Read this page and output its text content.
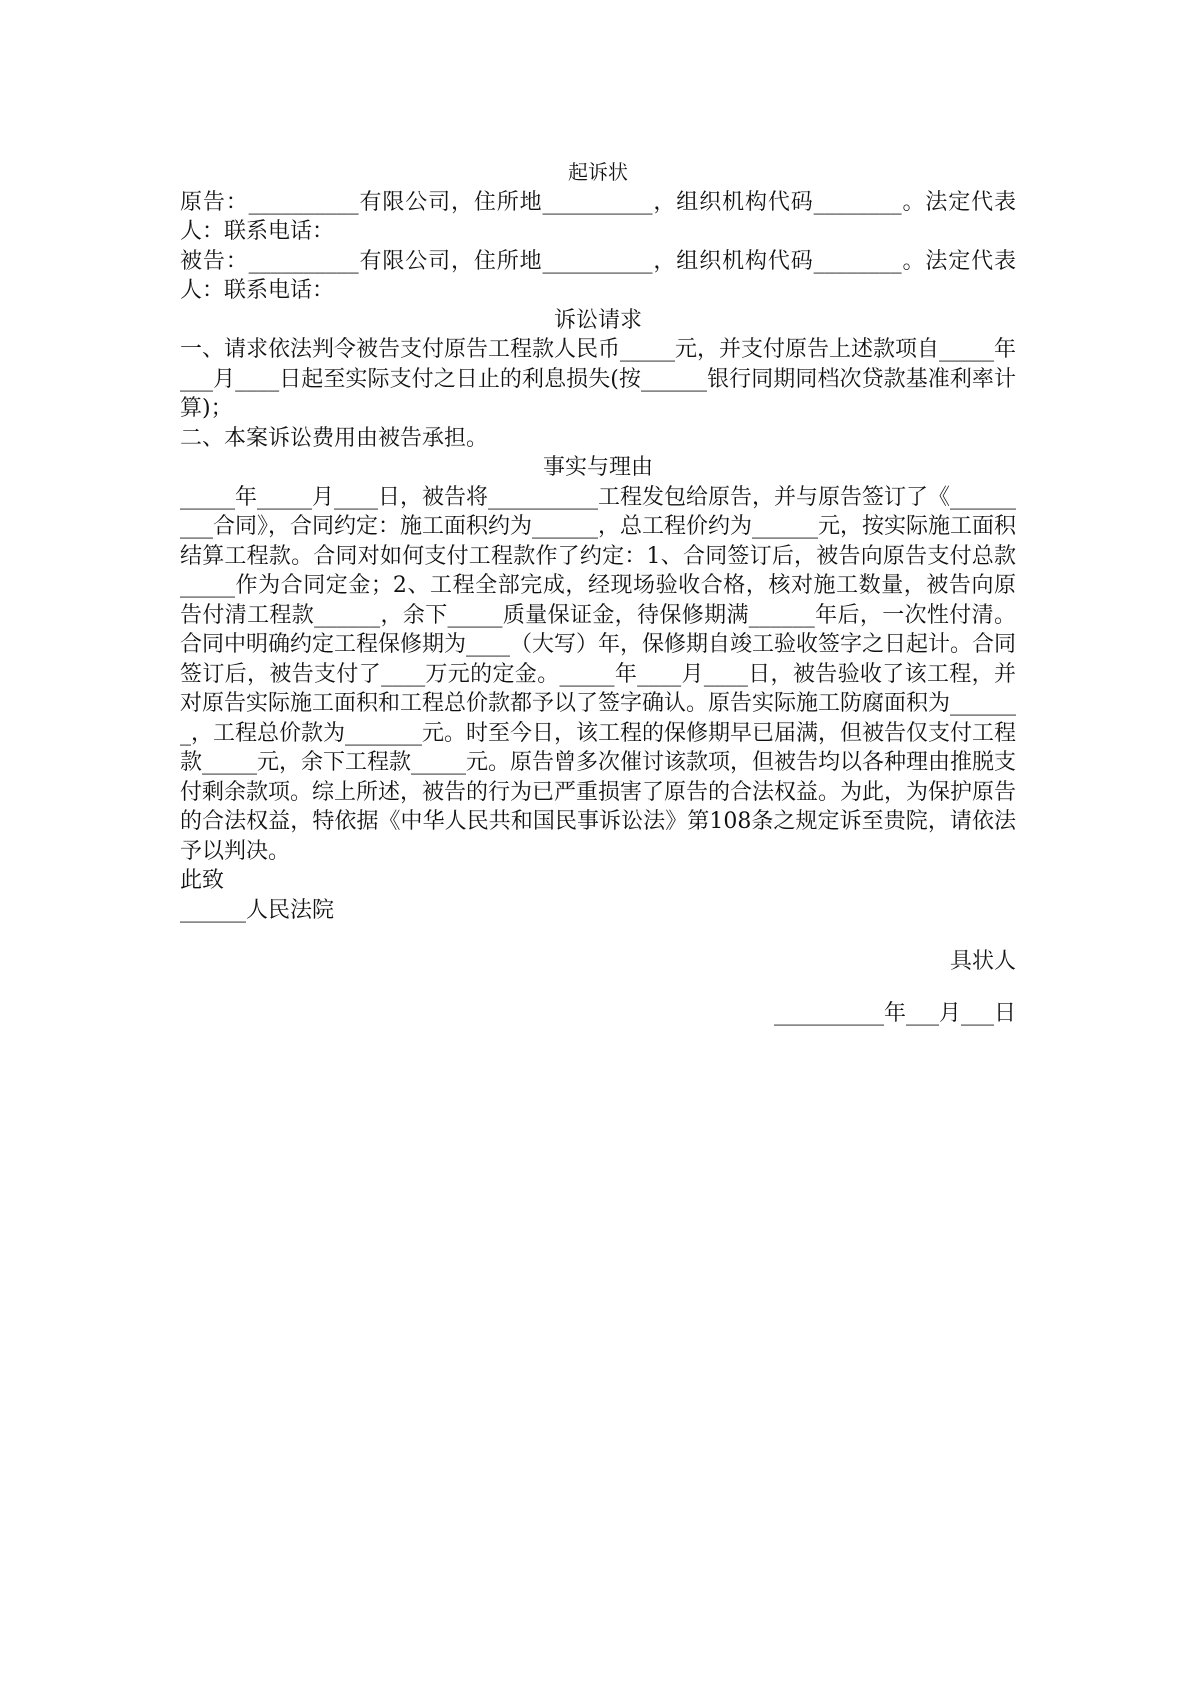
起诉状

原告：__________有限公司，住所地__________，组织机构代码________。法定代表人：联系电话：

被告：__________有限公司，住所地__________，组织机构代码________。法定代表人：联系电话：

诉讼请求

一、请求依法判令被告支付原告工程款人民币_____元，并支付原告上述款项自_____年___月____日起至实际支付之日止的利息损失(按______银行同期同档次贷款基准利率计算)；

二、本案诉讼费用由被告承担。

事实与理由

_____年_____月____日，被告将__________工程发包给原告，并与原告签订了《_________合同》，合同约定：施工面积约为______，总工程价约为______元，按实际施工面积结算工程款。合同对如何支付工程款作了约定：1、合同签订后，被告向原告支付总款_____作为合同定金；2、工程全部完成，经现场验收合格，核对施工数量，被告向原告付清工程款______，余下_____质量保证金，待保修期满______年后，一次性付清。合同中明确约定工程保修期为____（大写）年，保修期自竣工验收签字之日起计。合同签订后，被告支付了____万元的定金。_____年____月____日，被告验收了该工程，并对原告实际施工面积和工程总价款都予以了签字确认。原告实际施工防腐面积为_______，工程总价款为_______元。时至今日，该工程的保修期早已届满，但被告仅支付工程款_____元，余下工程款_____元。原告曾多次催讨该款项，但被告均以各种理由推脱支付剩余款项。综上所述，被告的行为已严重损害了原告的合法权益。为此，为保护原告的合法权益，特依据《中华人民共和国民事诉讼法》第108条之规定诉至贵院，请依法予以判决。

此致

______人民法院

具状人

__________年___月___日
